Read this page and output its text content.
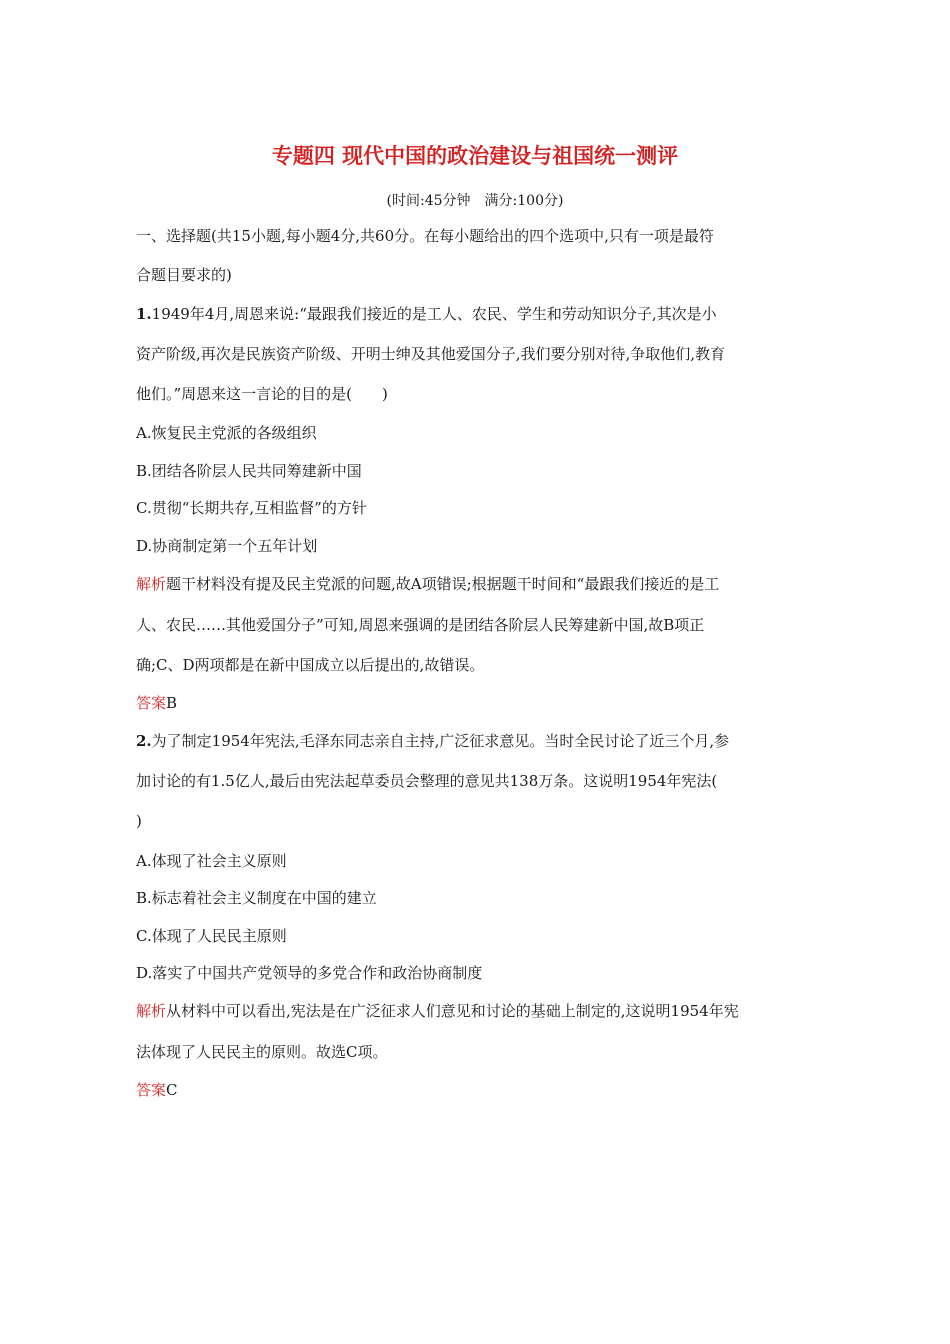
专题四 现代中国的政治建设与祖国统一测评
(时间:45分钟　满分:100分)
一、选择题(共15小题,每小题4分,共60分。在每小题给出的四个选项中,只有一项是最符
合题目要求的)
1.1949年4月,周恩来说:“最跟我们接近的是工人、农民、学生和劳动知识分子,其次是小
资产阶级,再次是民族资产阶级、开明士绅及其他爱国分子,我们要分别对待,争取他们,教育
他们。”周恩来这一言论的目的是(　　)
A.恢复民主党派的各级组织
B.团结各阶层人民共同筹建新中国
C.贯彻“长期共存,互相监督”的方针
D.协商制定第一个五年计划
解析题干材料没有提及民主党派的问题,故A项错误;根据题干时间和“最跟我们接近的是工
人、农民……其他爱国分子”可知,周恩来强调的是团结各阶层人民筹建新中国,故B项正
确;C、D两项都是在新中国成立以后提出的,故错误。
答案B
2.为了制定1954年宪法,毛泽东同志亲自主持,广泛征求意见。当时全民讨论了近三个月,参
加讨论的有1.5亿人,最后由宪法起草委员会整理的意见共138万条。这说明1954年宪法(
)
A.体现了社会主义原则
B.标志着社会主义制度在中国的建立
C.体现了人民民主原则
D.落实了中国共产党领导的多党合作和政治协商制度
解析从材料中可以看出,宪法是在广泛征求人们意见和讨论的基础上制定的,这说明1954年宪
法体现了人民民主的原则。故选C项。
答案C
